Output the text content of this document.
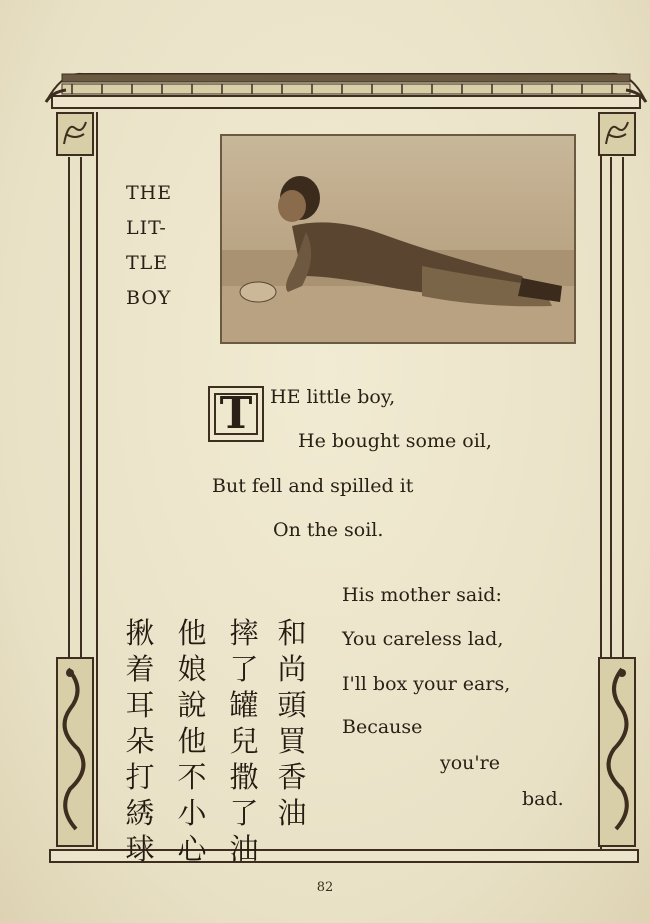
THE
LIT-
TLE
BOY
T HE little boy,
He bought some oil,
But fell and spilled it
On the soil.
His mother said:
You careless lad,
I'll box your ears,
Because
you're
bad.
和
尚
頭
買
香
油
摔
了
罐
兒
撒
了
油
他
娘
說
他
不
小
心
揪
着
耳
朵
打
綉
球
82
